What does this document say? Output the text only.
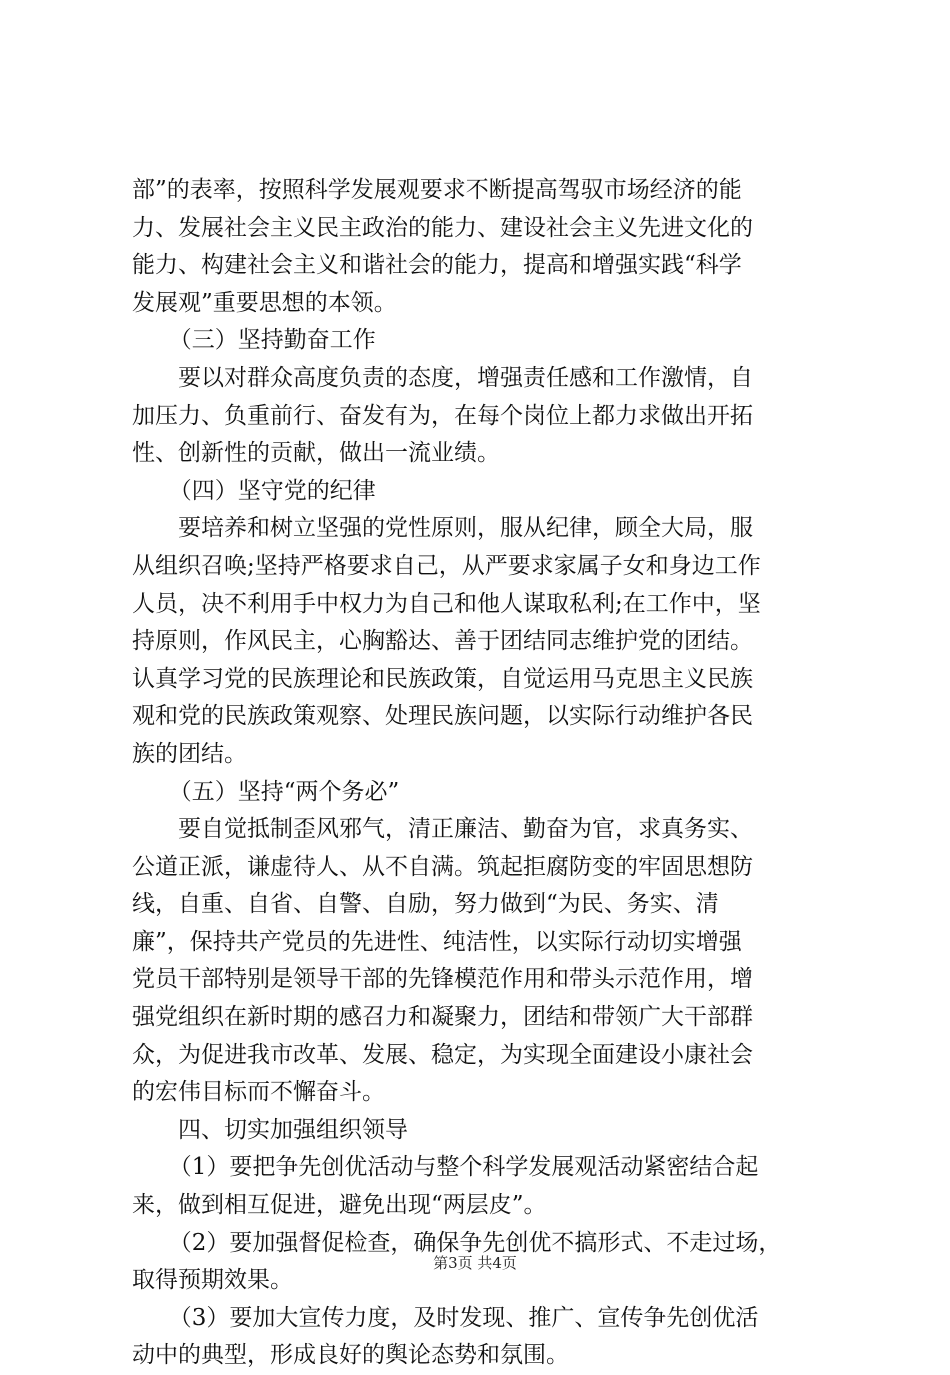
部”的表率，按照科学发展观要求不断提高驾驭市场经济的能
力、发展社会主义民主政治的能力、建设社会主义先进文化的
能力、构建社会主义和谐社会的能力，提高和增强实践“科学
发展观”重要思想的本领。
（三）坚持勤奋工作
要以对群众高度负责的态度，增强责任感和工作激情，自
加压力、负重前行、奋发有为，在每个岗位上都力求做出开拓
性、创新性的贡献，做出一流业绩。
（四）坚守党的纪律
要培养和树立坚强的党性原则，服从纪律，顾全大局，服
从组织召唤;坚持严格要求自己，从严要求家属子女和身边工作
人员，决不利用手中权力为自己和他人谋取私利;在工作中，坚
持原则，作风民主，心胸豁达、善于团结同志维护党的团结。
认真学习党的民族理论和民族政策，自觉运用马克思主义民族
观和党的民族政策观察、处理民族问题，以实际行动维护各民
族的团结。
（五）坚持“两个务必”
要自觉抵制歪风邪气，清正廉洁、勤奋为官，求真务实、
公道正派，谦虚待人、从不自满。筑起拒腐防变的牢固思想防
线，自重、自省、自警、自励，努力做到“为民、务实、清
廉”，保持共产党员的先进性、纯洁性，以实际行动切实增强
党员干部特别是领导干部的先锋模范作用和带头示范作用，增
强党组织在新时期的感召力和凝聚力，团结和带领广大干部群
众，为促进我市改革、发展、稳定，为实现全面建设小康社会
的宏伟目标而不懈奋斗。
四、切实加强组织领导
（1）要把争先创优活动与整个科学发展观活动紧密结合起
来，做到相互促进，避免出现“两层皮”。
（2）要加强督促检查，确保争先创优不搞形式、不走过场，
取得预期效果。
（3）要加大宣传力度，及时发现、推广、宣传争先创优活
动中的典型，形成良好的舆论态势和氛围。
第3页 共4页
